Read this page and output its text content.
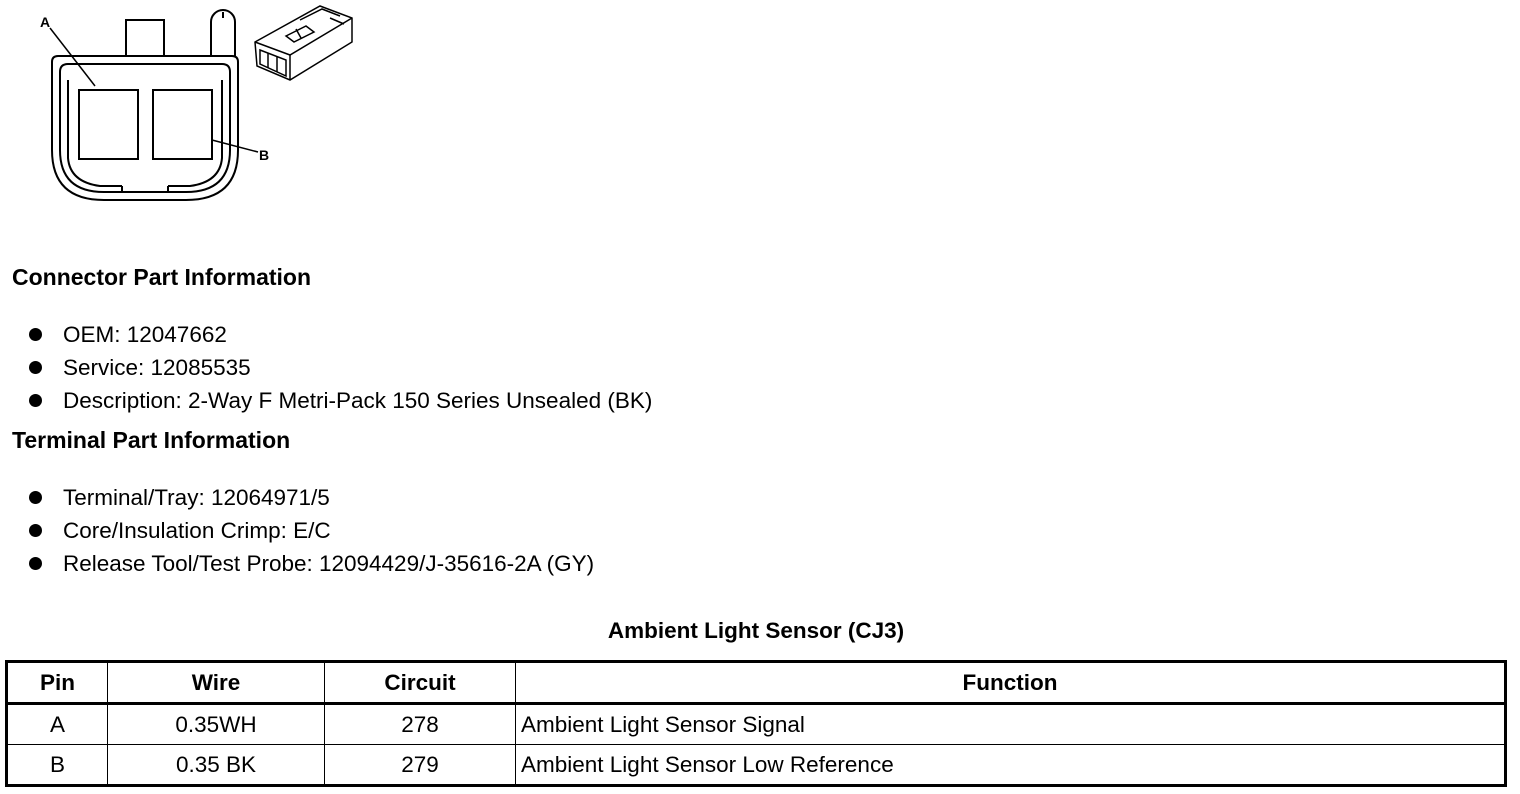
A
B
Connector Part Information
OEM: 12047662
Service: 12085535
Description: 2-Way F Metri-Pack 150 Series Unsealed (BK)
Terminal Part Information
Terminal/Tray: 12064971/5
Core/Insulation Crimp: E/C
Release Tool/Test Probe: 12094429/J-35616-2A (GY)
Ambient Light Sensor (CJ3)
Pin	Wire	Circuit	Function
A	0.35WH	278	Ambient Light Sensor Signal
B	0.35 BK	279	Ambient Light Sensor Low Reference
